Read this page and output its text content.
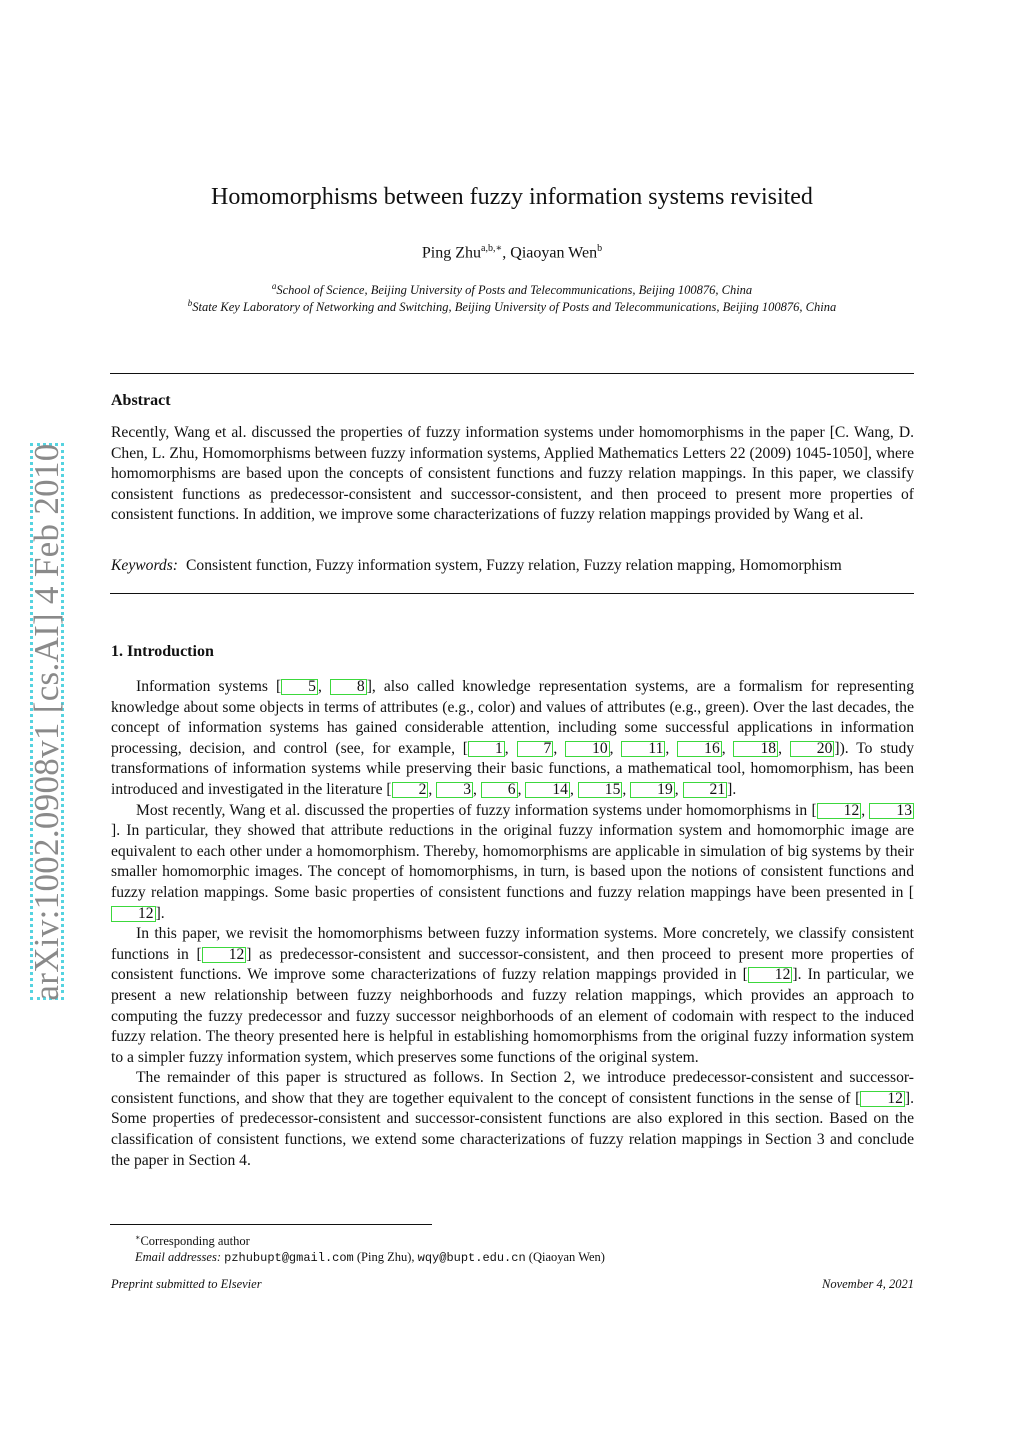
arXiv:1002.0908v1 [cs.AI] 4 Feb 2010
Homomorphisms between fuzzy information systems revisited
Ping Zhu$^{a,b,∗}$, Qiaoyan Wen$^b$
$^a$School of Science, Beijing University of Posts and Telecommunications, Beijing 100876, China
$^b$State Key Laboratory of Networking and Switching, Beijing University of Posts and Telecommunications, Beijing 100876, China
Abstract
Recently, Wang et al. discussed the properties of fuzzy information systems under homomorphisms in the paper [C. Wang, D. Chen, L. Zhu, Homomorphisms between fuzzy information systems, Applied Mathematics Letters 22 (2009) 1045-1050], where homomorphisms are based upon the concepts of consistent functions and fuzzy relation mappings. In this paper, we classify consistent functions as predecessor-consistent and successor-consistent, and then proceed to present more properties of consistent functions. In addition, we improve some characterizations of fuzzy relation mappings provided by Wang et al.
Keywords: Consistent function, Fuzzy information system, Fuzzy relation, Fuzzy relation mapping, Homomorphism
1. Introduction

Information systems [ 5 , 8 ], also called knowledge representation systems, are a formalism for representing knowledge about some objects in terms of attributes (e.g., color) and values of attributes (e.g., green). Over the last decades, the concept of information systems has gained considerable attention, including some successful applications in information processing, decision, and control (see, for example, [ 1 , 7 , 10 , 11 , 16 , 18 , 20 ]). To study transformations of information systems while preserving their basic functions, a mathematical tool, homomorphism, has been introduced and investigated in the literature [ 2 , 3 , 6 , 14 , 15 , 19 , 21 ].

Most recently, Wang et al. discussed the properties of fuzzy information systems under homomorphisms in [ 12 , 13]. In particular, they showed that attribute reductions in the original fuzzy information system and homomorphic image are equivalent to each other under a homomorphism. Thereby, homomorphisms are applicable in simulation of big systems by their smaller homomorphic images. The concept of homomorphisms, in turn, is based upon the notions of consistent functions and fuzzy relation mappings. Some basic properties of consistent functions and fuzzy relation mappings have been presented in [12 ].

In this paper, we revisit the homomorphisms between fuzzy information systems. More concretely, we classify consistent functions in [ 12 ] as predecessor-consistent and successor-consistent, and then proceed to present more properties of consistent functions. We improve some characterizations of fuzzy relation mappings provided in [ 12 ]. In particular, we present a new relationship between fuzzy neighborhoods and fuzzy relation mappings, which provides an approach to computing the fuzzy predecessor and fuzzy successor neighborhoods of an element of codomain with respect to the induced fuzzy relation. The theory presented here is helpful in establishing homomorphisms from the original fuzzy information system to a simpler fuzzy information system, which preserves some functions of the original system.

The remainder of this paper is structured as follows. In Section 2, we introduce predecessor-consistent and successor-consistent functions, and show that they are together equivalent to the concept of consistent functions in the sense of [ 12 ]. Some properties of predecessor-consistent and successor-consistent functions are also explored in this section. Based on the classification of consistent functions, we extend some characterizations of fuzzy relation mappings in Section 3 and conclude the paper in Section 4.

∗Corresponding author
Email addresses: pzhubupt@gmail.com (Ping Zhu), wqy@bupt.edu.cn (Qiaoyan Wen)
Preprint submitted to Elsevier	November 4, 2021
